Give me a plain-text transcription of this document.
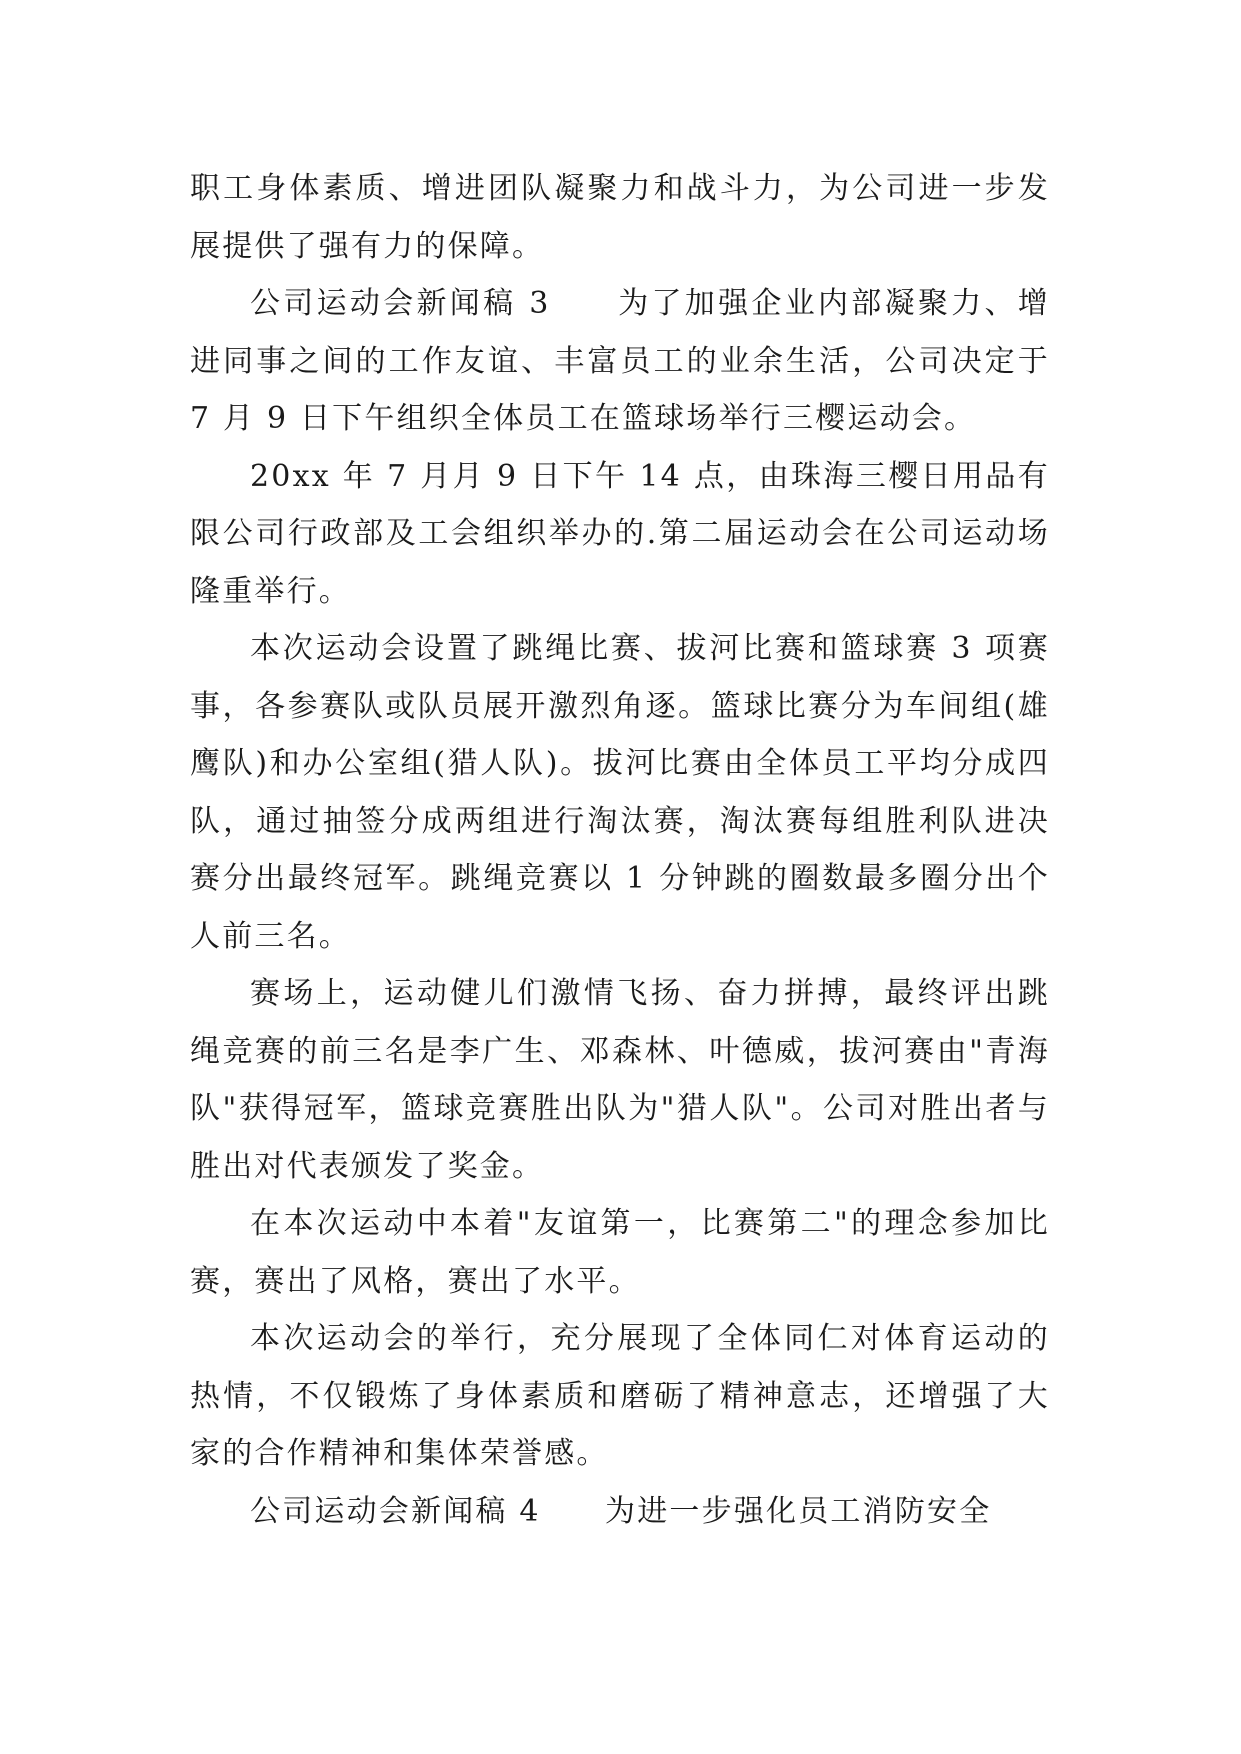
职工身体素质、增进团队凝聚力和战斗力，为公司进一步发展提供了强有力的保障。

公司运动会新闻稿 3　　为了加强企业内部凝聚力、增进同事之间的工作友谊、丰富员工的业余生活，公司决定于 7 月 9 日下午组织全体员工在篮球场举行三樱运动会。

20xx 年 7 月月 9 日下午 14 点，由珠海三樱日用品有限公司行政部及工会组织举办的.第二届运动会在公司运动场隆重举行。

本次运动会设置了跳绳比赛、拔河比赛和篮球赛 3 项赛事，各参赛队或队员展开激烈角逐。篮球比赛分为车间组(雄鹰队)和办公室组(猎人队)。拔河比赛由全体员工平均分成四队，通过抽签分成两组进行淘汰赛，淘汰赛每组胜利队进决赛分出最终冠军。跳绳竞赛以 1 分钟跳的圈数最多圈分出个人前三名。

赛场上，运动健儿们激情飞扬、奋力拼搏，最终评出跳绳竞赛的前三名是李广生、邓森林、叶德威，拔河赛由"青海队"获得冠军，篮球竞赛胜出队为"猎人队"。公司对胜出者与胜出对代表颁发了奖金。

在本次运动中本着"友谊第一，比赛第二"的理念参加比赛，赛出了风格，赛出了水平。

本次运动会的举行，充分展现了全体同仁对体育运动的热情，不仅锻炼了身体素质和磨砺了精神意志，还增强了大家的合作精神和集体荣誉感。

公司运动会新闻稿 4　　为进一步强化员工消防安全
